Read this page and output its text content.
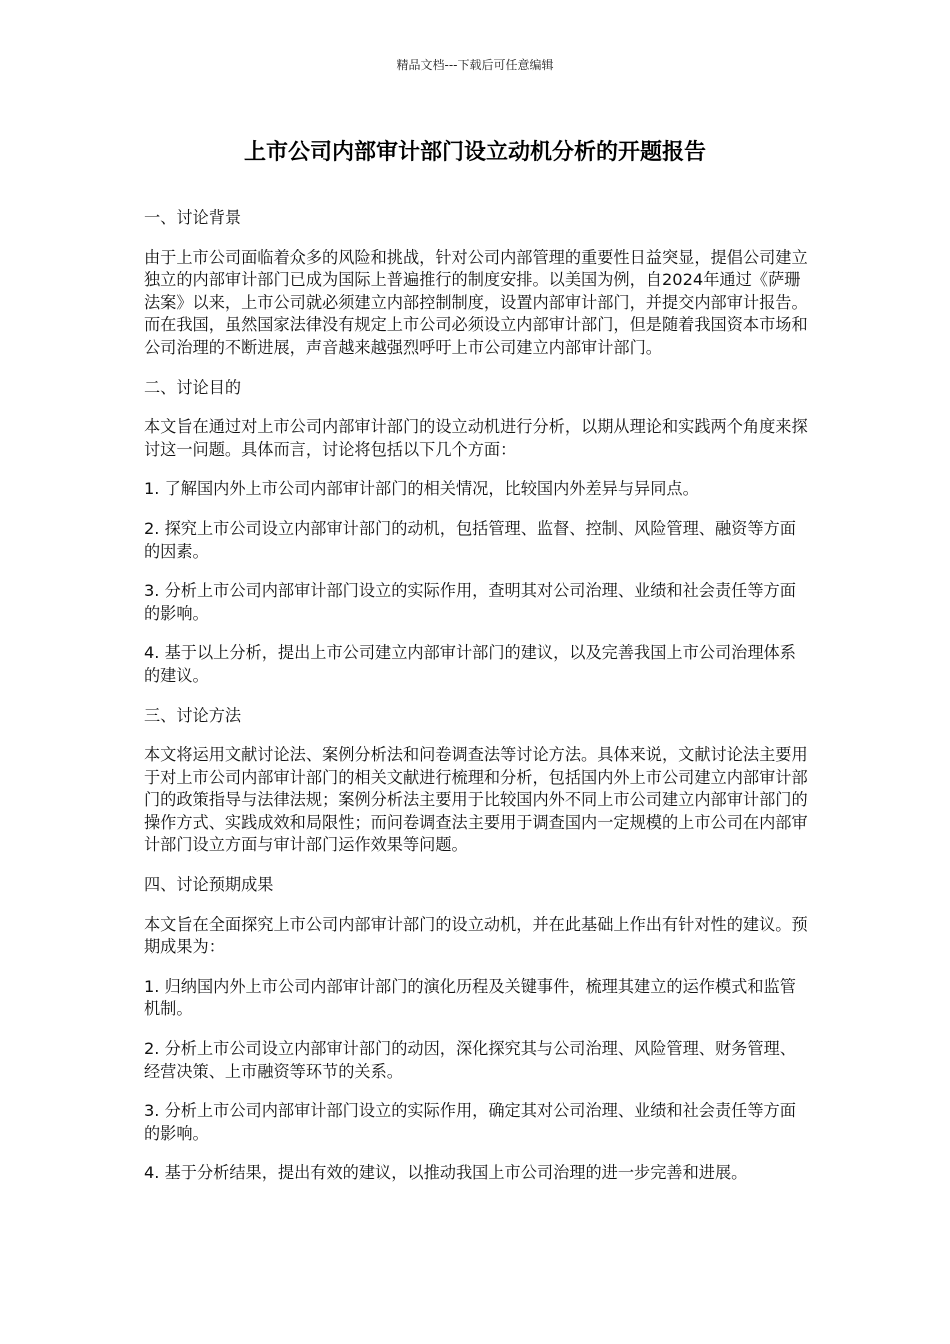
精品文档---下载后可任意编辑
上市公司内部审计部门设立动机分析的开题报告

一、讨论背景

由于上市公司面临着众多的风险和挑战，针对公司内部管理的重要性日益突显，提倡公司建立独立的内部审计部门已成为国际上普遍推行的制度安排。以美国为例，自2024年通过《萨珊法案》以来，上市公司就必须建立内部控制制度，设置内部审计部门，并提交内部审计报告。而在我国，虽然国家法律没有规定上市公司必须设立内部审计部门，但是随着我国资本市场和公司治理的不断进展，声音越来越强烈呼吁上市公司建立内部审计部门。

二、讨论目的

本文旨在通过对上市公司内部审计部门的设立动机进行分析，以期从理论和实践两个角度来探讨这一问题。具体而言，讨论将包括以下几个方面：

1. 了解国内外上市公司内部审计部门的相关情况，比较国内外差异与异同点。

2. 探究上市公司设立内部审计部门的动机，包括管理、监督、控制、风险管理、融资等方面的因素。

3. 分析上市公司内部审计部门设立的实际作用，查明其对公司治理、业绩和社会责任等方面的影响。

4. 基于以上分析，提出上市公司建立内部审计部门的建议，以及完善我国上市公司治理体系的建议。

三、讨论方法

本文将运用文献讨论法、案例分析法和问卷调查法等讨论方法。具体来说，文献讨论法主要用于对上市公司内部审计部门的相关文献进行梳理和分析，包括国内外上市公司建立内部审计部门的政策指导与法律法规；案例分析法主要用于比较国内外不同上市公司建立内部审计部门的操作方式、实践成效和局限性；而问卷调查法主要用于调查国内一定规模的上市公司在内部审计部门设立方面与审计部门运作效果等问题。

四、讨论预期成果

本文旨在全面探究上市公司内部审计部门的设立动机，并在此基础上作出有针对性的建议。预期成果为：

1. 归纳国内外上市公司内部审计部门的演化历程及关键事件，梳理其建立的运作模式和监管机制。

2. 分析上市公司设立内部审计部门的动因，深化探究其与公司治理、风险管理、财务管理、经营决策、上市融资等环节的关系。

3. 分析上市公司内部审计部门设立的实际作用，确定其对公司治理、业绩和社会责任等方面的影响。

4. 基于分析结果，提出有效的建议，以推动我国上市公司治理的进一步完善和进展。
